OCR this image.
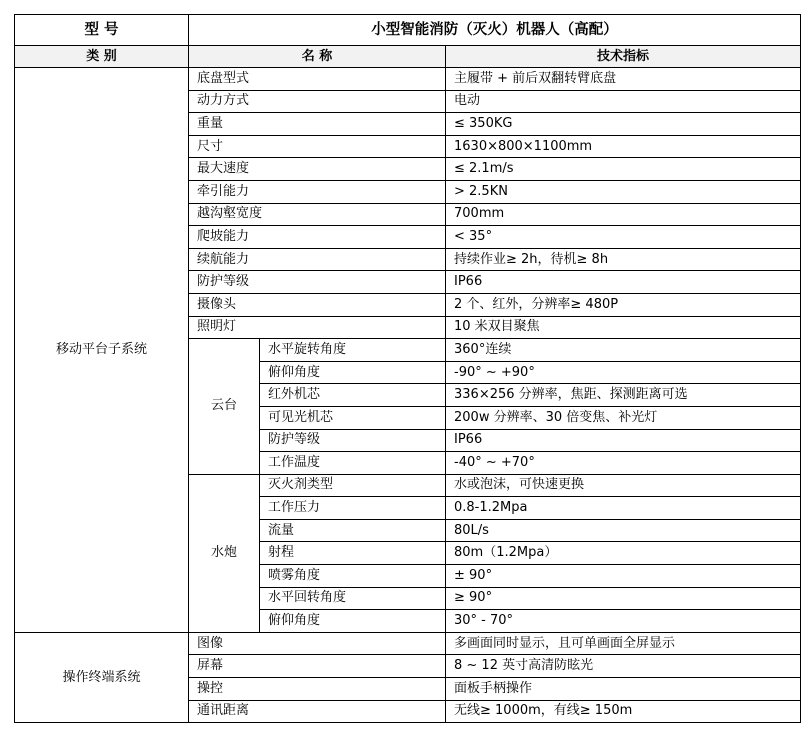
型 号	小型智能消防（灭火）机器人（高配）		
类 别	名 称		技术指标
移动平台子系统	底盘型式		主履带 + 前后双翻转臂底盘
	动力方式		电动
	重量		≤ 350KG
	尺寸		1630×800×1100mm
	最大速度		≤ 2.1m/s
	牵引能力		> 2.5KN
	越沟壑宽度		700mm
	爬坡能力		< 35°
	续航能力		持续作业≥ 2h，待机≥ 8h
	防护等级		IP66
	摄像头		2 个、红外，分辨率≥ 480P
	照明灯		10 米双目聚焦
	云台	水平旋转角度	360°连续
		俯仰角度	-90° ~ +90°
		红外机芯	336×256 分辨率，焦距、探测距离可选
		可见光机芯	200w 分辨率、30 倍变焦、补光灯
		防护等级	IP66
		工作温度	-40° ~ +70°
	水炮	灭火剂类型	水或泡沫，可快速更换
		工作压力	0.8-1.2Mpa
		流量	80L/s
		射程	80m（1.2Mpa）
		喷雾角度	± 90°
		水平回转角度	≥ 90°
		俯仰角度	30° - 70°
操作终端系统	图像		多画面同时显示，且可单画面全屏显示
	屏幕		8 ~ 12 英寸高清防眩光
	操控		面板手柄操作
	通讯距离		无线≥ 1000m，有线≥ 150m
